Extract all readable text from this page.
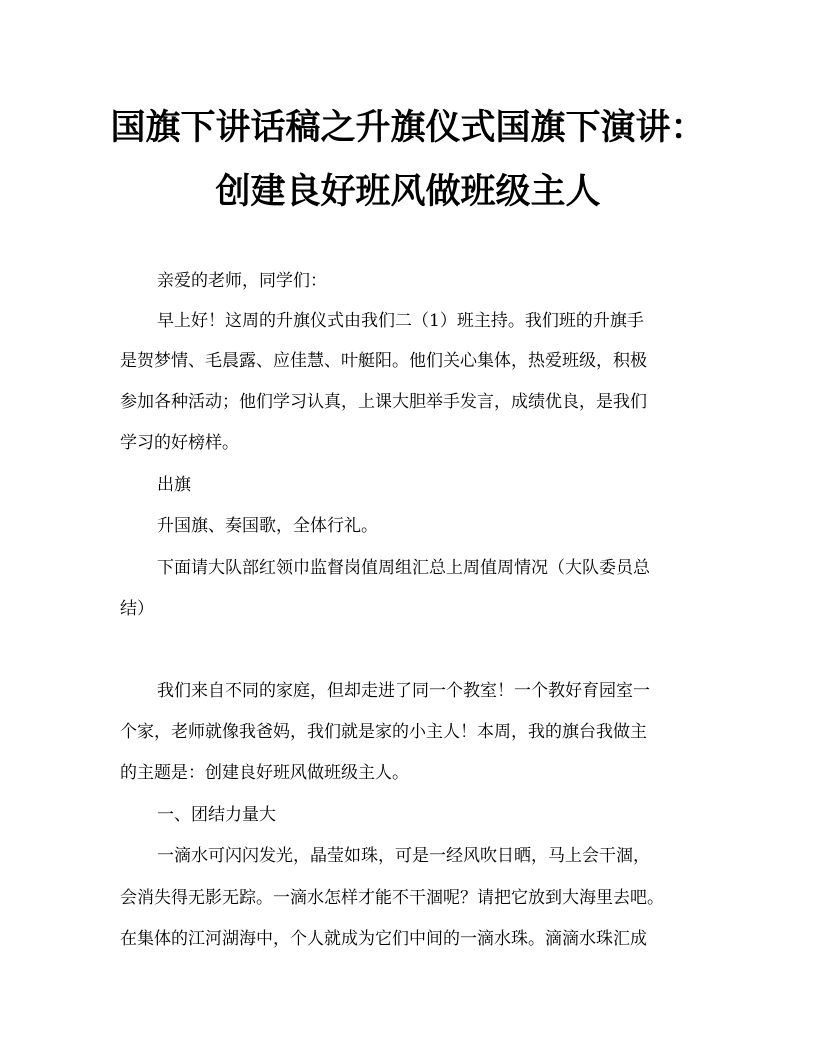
国旗下讲话稿之升旗仪式国旗下演讲：
创建良好班风做班级主人
亲爱的老师，同学们：
早上好！这周的升旗仪式由我们二（1）班主持。我们班的升旗手
是贺梦情、毛晨露、应佳慧、叶艇阳。他们关心集体，热爱班级，积极
参加各种活动；他们学习认真，上课大胆举手发言，成绩优良，是我们
学习的好榜样。
出旗
升国旗、奏国歌，全体行礼。
下面请大队部红领巾监督岗值周组汇总上周值周情况（大队委员总
结）
我们来自不同的家庭，但却走进了同一个教室！一个教好育园室一
个家，老师就像我爸妈，我们就是家的小主人！本周，我的旗台我做主
的主题是：创建良好班风做班级主人。
一、团结力量大
一滴水可闪闪发光，晶莹如珠，可是一经风吹日晒，马上会干涸，
会消失得无影无踪。一滴水怎样才能不干涸呢？请把它放到大海里去吧。
在集体的江河湖海中，个人就成为它们中间的一滴水珠。滴滴水珠汇成
